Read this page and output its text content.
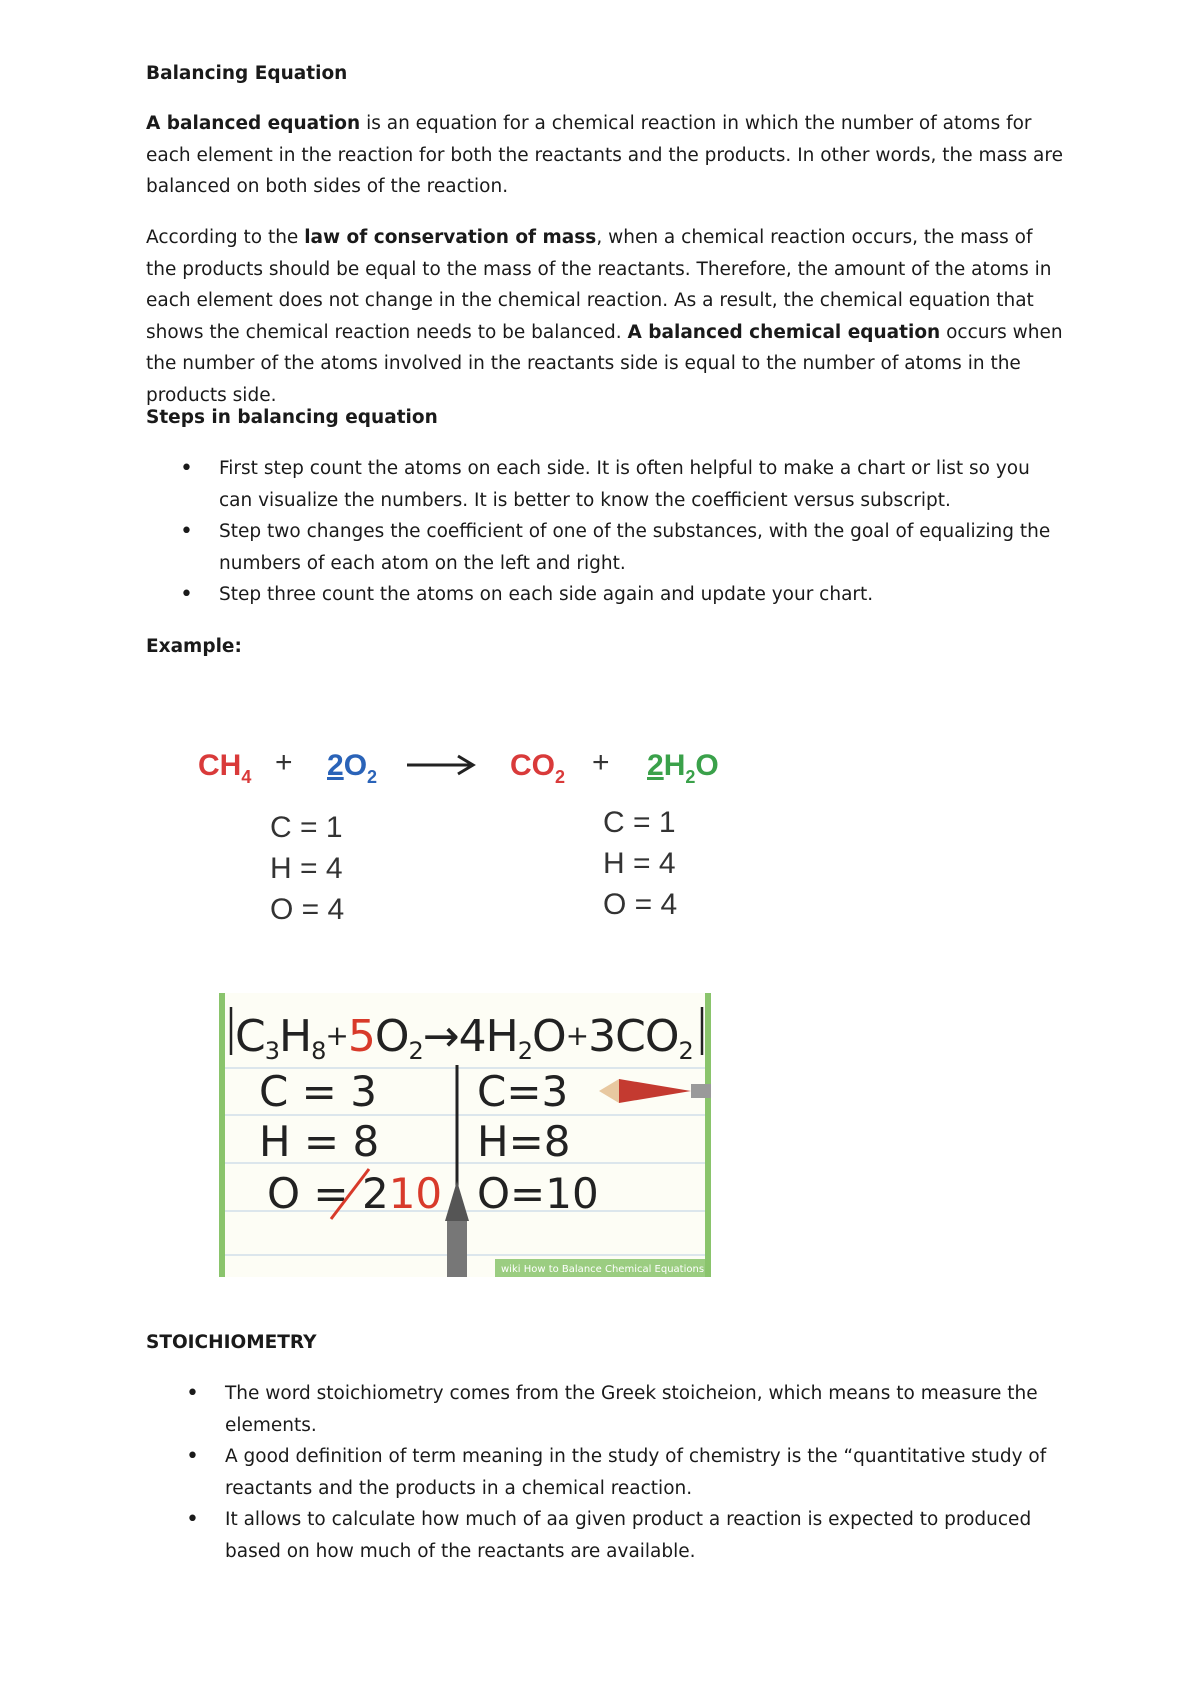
Balancing Equation

A balanced equation is an equation for a chemical reaction in which the number of atoms for each element in the reaction for both the reactants and the products. In other words, the mass are balanced on both sides of the reaction.

According to the law of conservation of mass, when a chemical reaction occurs, the mass of the products should be equal to the mass of the reactants. Therefore, the amount of the atoms in each element does not change in the chemical reaction. As a result, the chemical equation that shows the chemical reaction needs to be balanced. A balanced chemical equation occurs when the number of the atoms involved in the reactants side is equal to the number of atoms in the products side.

Steps in balancing equation

• First step count the atoms on each side. It is often helpful to make a chart or list so you can visualize the numbers. It is better to know the coefficient versus subscript.
• Step two changes the coefficient of one of the substances, with the goal of equalizing the numbers of each atom on the left and right.
• Step three count the atoms on each side again and update your chart.

Example:

$CH_4 + 2O_2$	$CO_2 + 2H_2O$
C = 1
H = 4
O = 4
C = 1
H = 4
O = 4
C3H8+5O2→4H2O+3CO2
C = 3
H = 8
O = 210
C=3
H=8
O=10
wiki How to Balance Chemical Equations

STOICHIOMETRY

• The word stoichiometry comes from the Greek stoicheion, which means to measure the elements.
• A good definition of term meaning in the study of chemistry is the “quantitative study of reactants and the products in a chemical reaction.
• It allows to calculate how much of aa given product a reaction is expected to produced based on how much of the reactants are available.
